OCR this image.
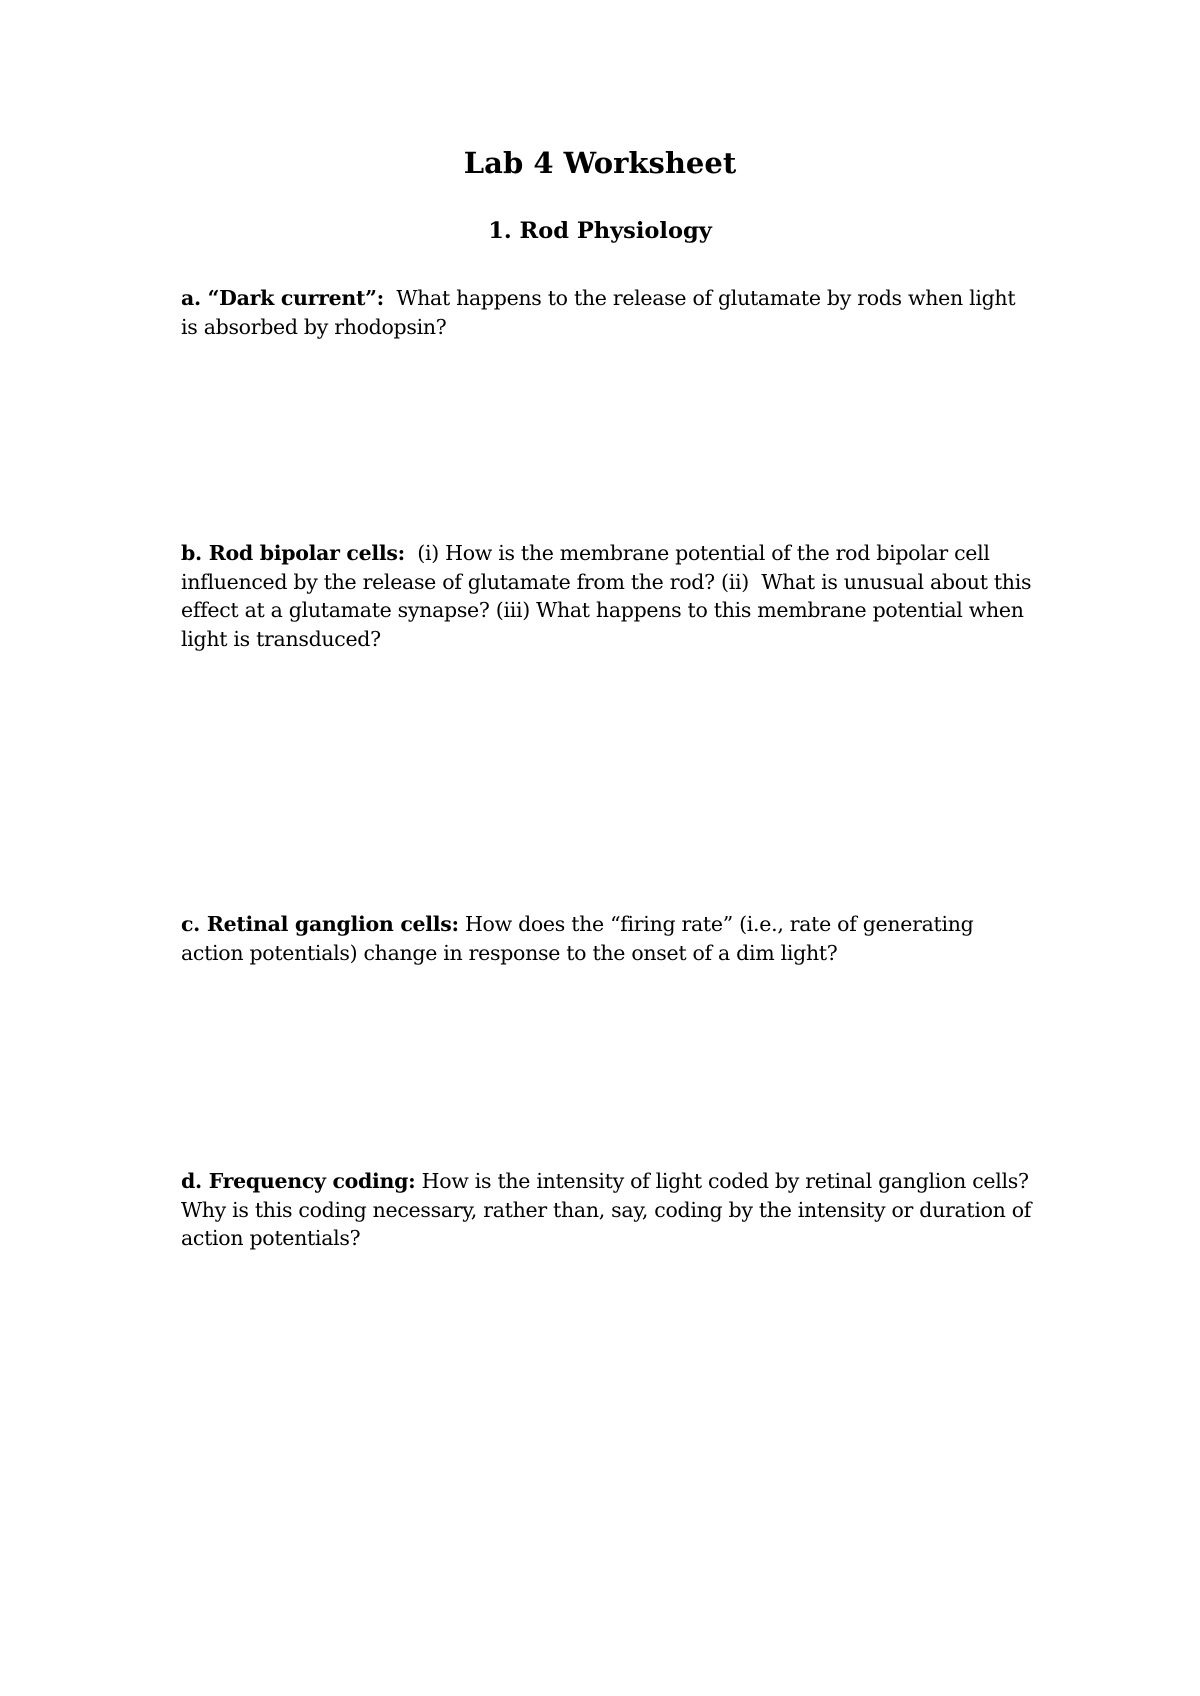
Lab 4 Worksheet
1. Rod Physiology

a. “Dark current”:  What happens to the release of glutamate by rods when light is absorbed by rhodopsin?

b. Rod bipolar cells:  (i) How is the membrane potential of the rod bipolar cell influenced by the release of glutamate from the rod? (ii)  What is unusual about this effect at a glutamate synapse? (iii) What happens to this membrane potential when light is transduced?

c. Retinal ganglion cells: How does the “firing rate” (i.e., rate of generating action potentials) change in response to the onset of a dim light?

d. Frequency coding: How is the intensity of light coded by retinal ganglion cells?  Why is this coding necessary, rather than, say, coding by the intensity or duration of action potentials?
